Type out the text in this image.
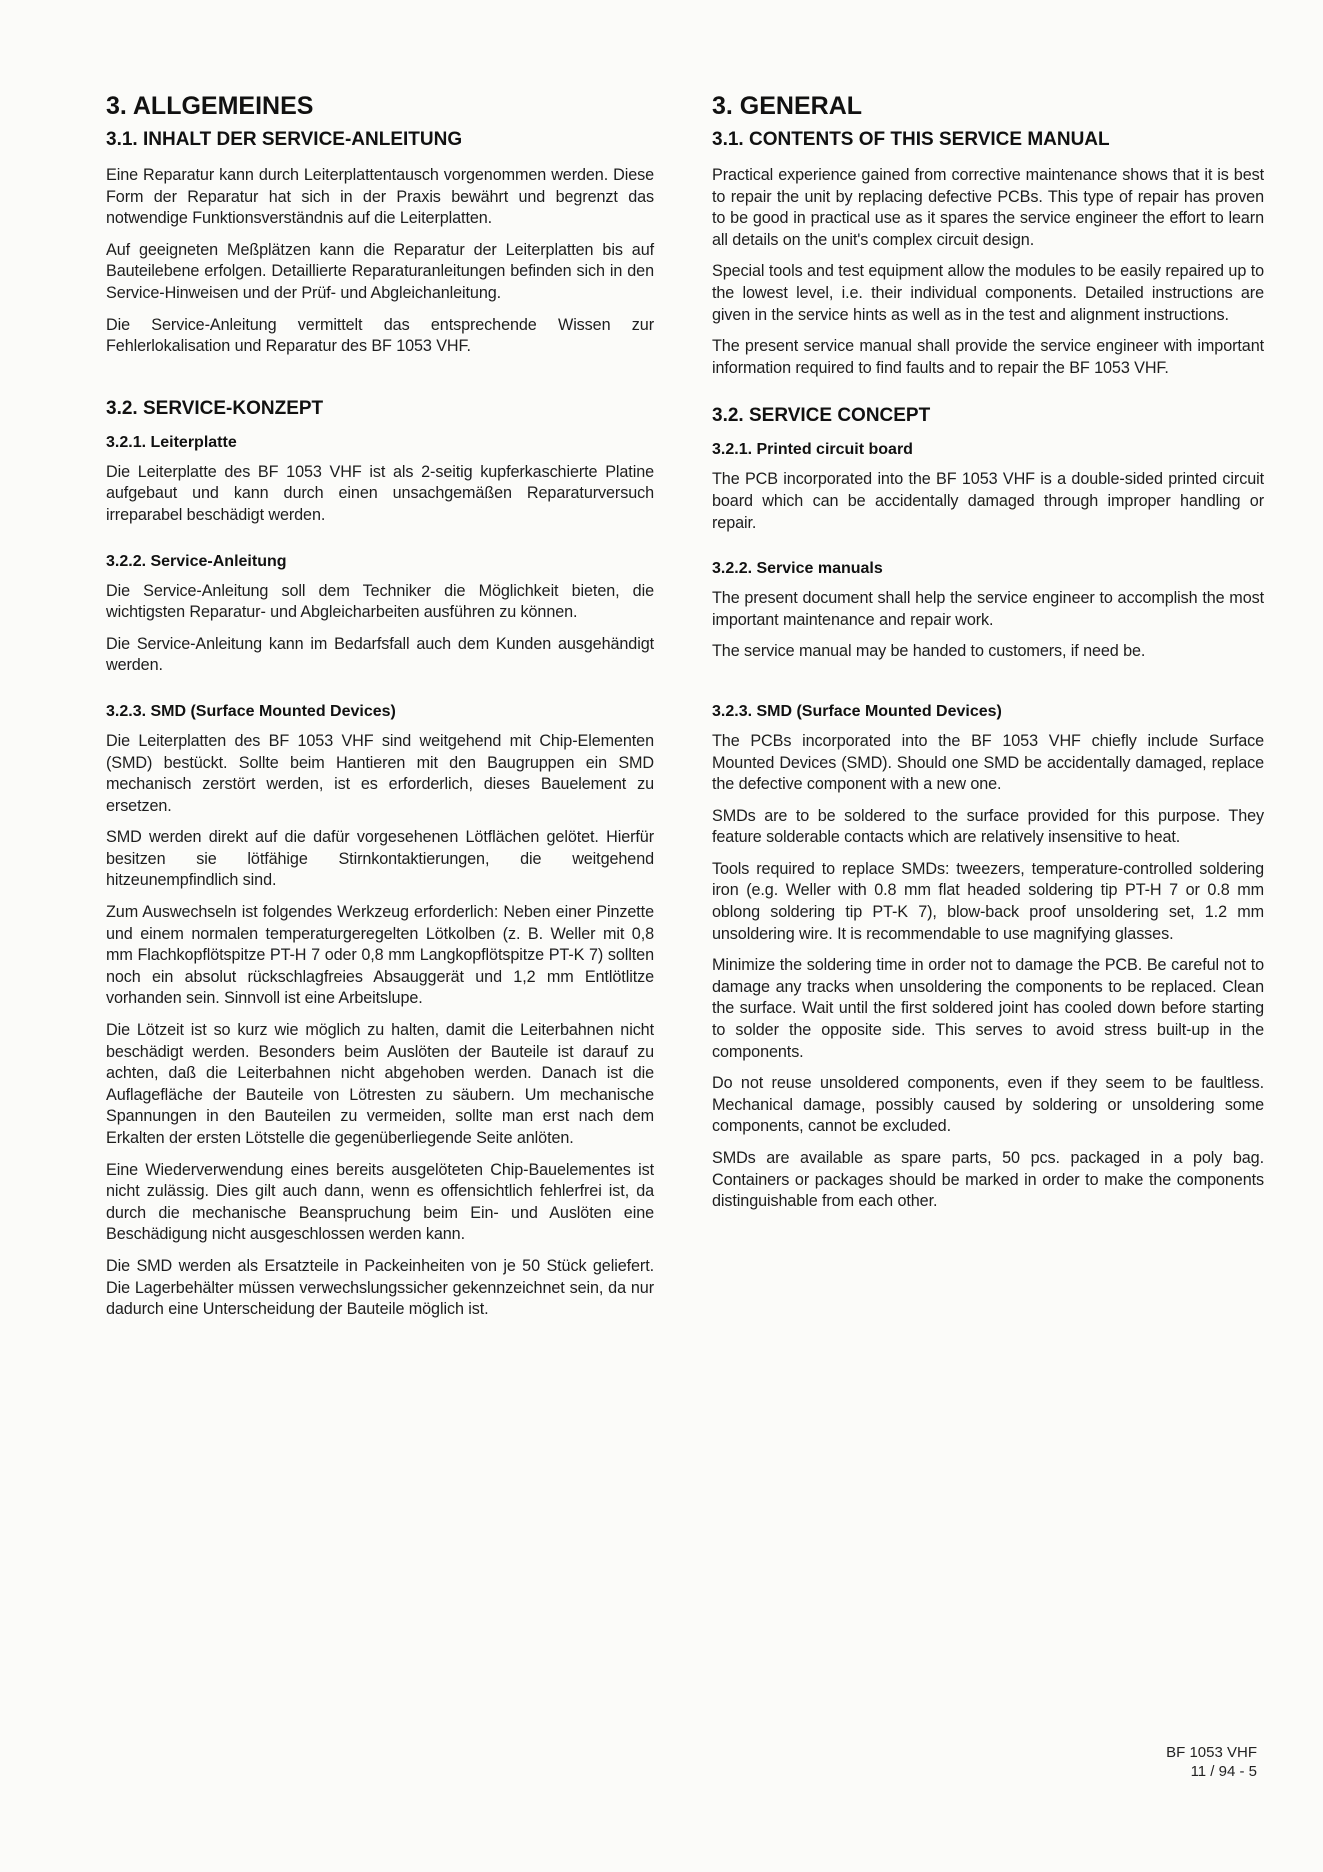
3. ALLGEMEINES
3.1. INHALT DER SERVICE-ANLEITUNG

Eine Reparatur kann durch Leiterplattentausch vorgenommen werden. Diese Form der Reparatur hat sich in der Praxis bewährt und begrenzt das notwendige Funktionsverständnis auf die Leiterplatten.

Auf geeigneten Meßplätzen kann die Reparatur der Leiterplatten bis auf Bauteilebene erfolgen. Detaillierte Reparaturanleitungen befinden sich in den Service-Hinweisen und der Prüf- und Abgleichanleitung.

Die Service-Anleitung vermittelt das entsprechende Wissen zur Fehlerlokalisation und Reparatur des BF 1053 VHF.

3.2. SERVICE-KONZEPT
3.2.1. Leiterplatte

Die Leiterplatte des BF 1053 VHF ist als 2-seitig kupferkaschierte Platine aufgebaut und kann durch einen unsachgemäßen Reparaturversuch irreparabel beschädigt werden.

3.2.2. Service-Anleitung

Die Service-Anleitung soll dem Techniker die Möglichkeit bieten, die wichtigsten Reparatur- und Abgleicharbeiten ausführen zu können.

Die Service-Anleitung kann im Bedarfsfall auch dem Kunden ausgehändigt werden.

3.2.3. SMD (Surface Mounted Devices)

Die Leiterplatten des BF 1053 VHF sind weitgehend mit Chip-Elementen (SMD) bestückt. Sollte beim Hantieren mit den Baugruppen ein SMD mechanisch zerstört werden, ist es erforderlich, dieses Bauelement zu ersetzen.

SMD werden direkt auf die dafür vorgesehenen Lötflächen gelötet. Hierfür besitzen sie lötfähige Stirnkontaktierungen, die weitgehend hitzeunempfindlich sind.

Zum Auswechseln ist folgendes Werkzeug erforderlich: Neben einer Pinzette und einem normalen temperaturgeregelten Lötkolben (z. B. Weller mit 0,8 mm Flachkopflötspitze PT-H 7 oder 0,8 mm Langkopflötspitze PT-K 7) sollten noch ein absolut rückschlagfreies Absauggerät und 1,2 mm Entlötlitze vorhanden sein. Sinnvoll ist eine Arbeitslupe.

Die Lötzeit ist so kurz wie möglich zu halten, damit die Leiterbahnen nicht beschädigt werden. Besonders beim Auslöten der Bauteile ist darauf zu achten, daß die Leiterbahnen nicht abgehoben werden. Danach ist die Auflagefläche der Bauteile von Lötresten zu säubern. Um mechanische Spannungen in den Bauteilen zu vermeiden, sollte man erst nach dem Erkalten der ersten Lötstelle die gegenüberliegende Seite anlöten.

Eine Wiederverwendung eines bereits ausgelöteten Chip-Bauelementes ist nicht zulässig. Dies gilt auch dann, wenn es offensichtlich fehlerfrei ist, da durch die mechanische Beanspruchung beim Ein- und Auslöten eine Beschädigung nicht ausgeschlossen werden kann.

Die SMD werden als Ersatzteile in Packeinheiten von je 50 Stück geliefert. Die Lagerbehälter müssen verwechslungssicher gekennzeichnet sein, da nur dadurch eine Unterscheidung der Bauteile möglich ist.

3. GENERAL
3.1. CONTENTS OF THIS SERVICE MANUAL

Practical experience gained from corrective maintenance shows that it is best to repair the unit by replacing defective PCBs. This type of repair has proven to be good in practical use as it spares the service engineer the effort to learn all details on the unit's complex circuit design.

Special tools and test equipment allow the modules to be easily repaired up to the lowest level, i.e. their individual components. Detailed instructions are given in the service hints as well as in the test and alignment instructions.

The present service manual shall provide the service engineer with important information required to find faults and to repair the BF 1053 VHF.

3.2. SERVICE CONCEPT
3.2.1. Printed circuit board

The PCB incorporated into the BF 1053 VHF is a double-sided printed circuit board which can be accidentally damaged through improper handling or repair.

3.2.2. Service manuals

The present document shall help the service engineer to accomplish the most important maintenance and repair work.

The service manual may be handed to customers, if need be.

3.2.3. SMD (Surface Mounted Devices)

The PCBs incorporated into the BF 1053 VHF chiefly include Surface Mounted Devices (SMD). Should one SMD be accidentally damaged, replace the defective component with a new one.

SMDs are to be soldered to the surface provided for this purpose. They feature solderable contacts which are relatively insensitive to heat.

Tools required to replace SMDs: tweezers, temperature-controlled soldering iron (e.g. Weller with 0.8 mm flat headed soldering tip PT-H 7 or 0.8 mm oblong soldering tip PT-K 7), blow-back proof unsoldering set, 1.2 mm unsoldering wire. It is recommendable to use magnifying glasses.

Minimize the soldering time in order not to damage the PCB. Be careful not to damage any tracks when unsoldering the components to be replaced. Clean the surface. Wait until the first soldered joint has cooled down before starting to solder the opposite side. This serves to avoid stress built-up in the components.

Do not reuse unsoldered components, even if they seem to be faultless. Mechanical damage, possibly caused by soldering or unsoldering some components, cannot be excluded.

SMDs are available as spare parts, 50 pcs. packaged in a poly bag. Containers or packages should be marked in order to make the components distinguishable from each other.

BF 1053 VHF
11 / 94 - 5
